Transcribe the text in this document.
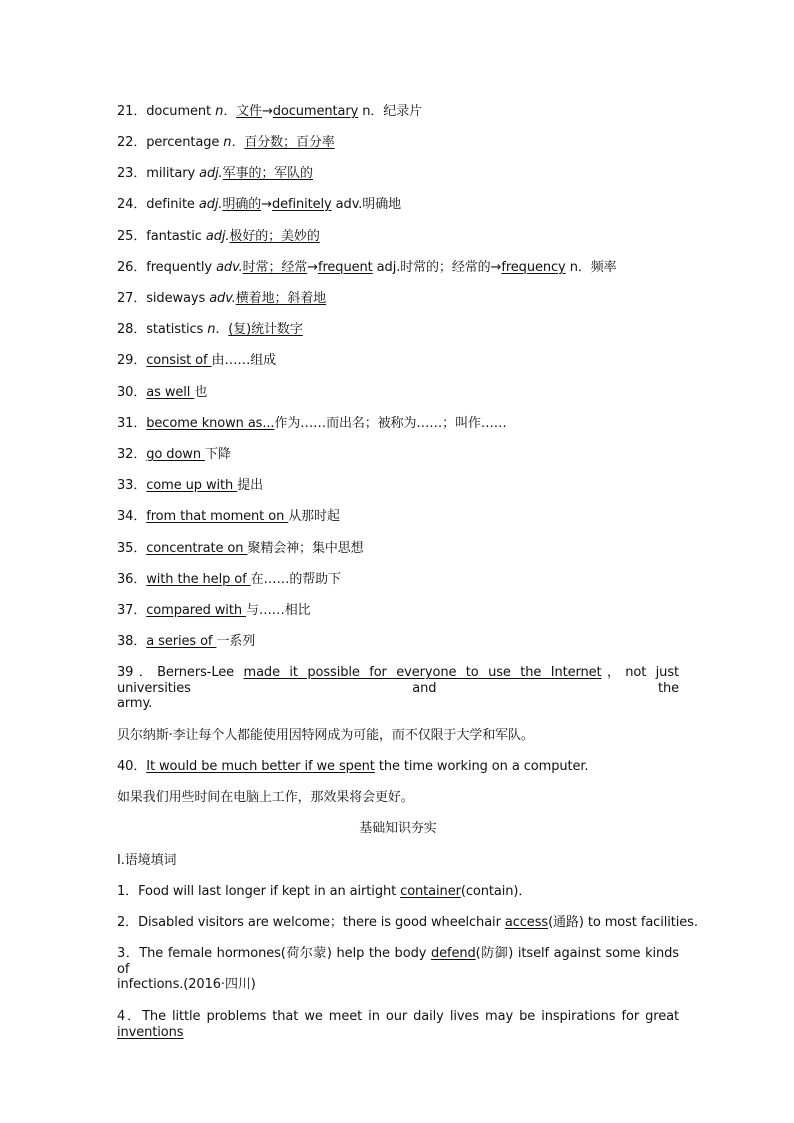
21．document n．文件→documentary n．纪录片
22．percentage n．百分数；百分率
23．military adj.军事的；军队的
24．definite adj.明确的→definitely adv.明确地
25．fantastic adj.极好的；美妙的
26．frequently adv.时常；经常→frequent adj.时常的；经常的→frequency n．频率
27．sideways adv.横着地；斜着地
28．statistics n．(复)统计数字
29．consist of 由……组成
30．as well 也
31．become known as...作为……而出名；被称为……；叫作……
32．go down 下降
33．come up with 提出
34．from that moment on 从那时起
35．concentrate on 聚精会神；集中思想
36．with the help of 在……的帮助下
37．compared with 与……相比
38．a series of 一系列
39．Berners-Lee made it possible for everyone to use the Internet，not just universities and the
army.
贝尔纳斯·李让每个人都能使用因特网成为可能，而不仅限于大学和军队。
40．It would be much better if we spent the time working on a computer.
如果我们用些时间在电脑上工作，那效果将会更好。
基础知识夯实
Ⅰ.语境填词
1．Food will last longer if kept in an airtight container(contain)．
2．Disabled visitors are welcome；there is good wheelchair access(通路) to most facilities.
3．The female hormones(荷尔蒙) help the body defend(防御) itself against some kinds of
infections.(2016·四川)
4．The little problems that we meet in our daily lives may be inspirations for great inventions
